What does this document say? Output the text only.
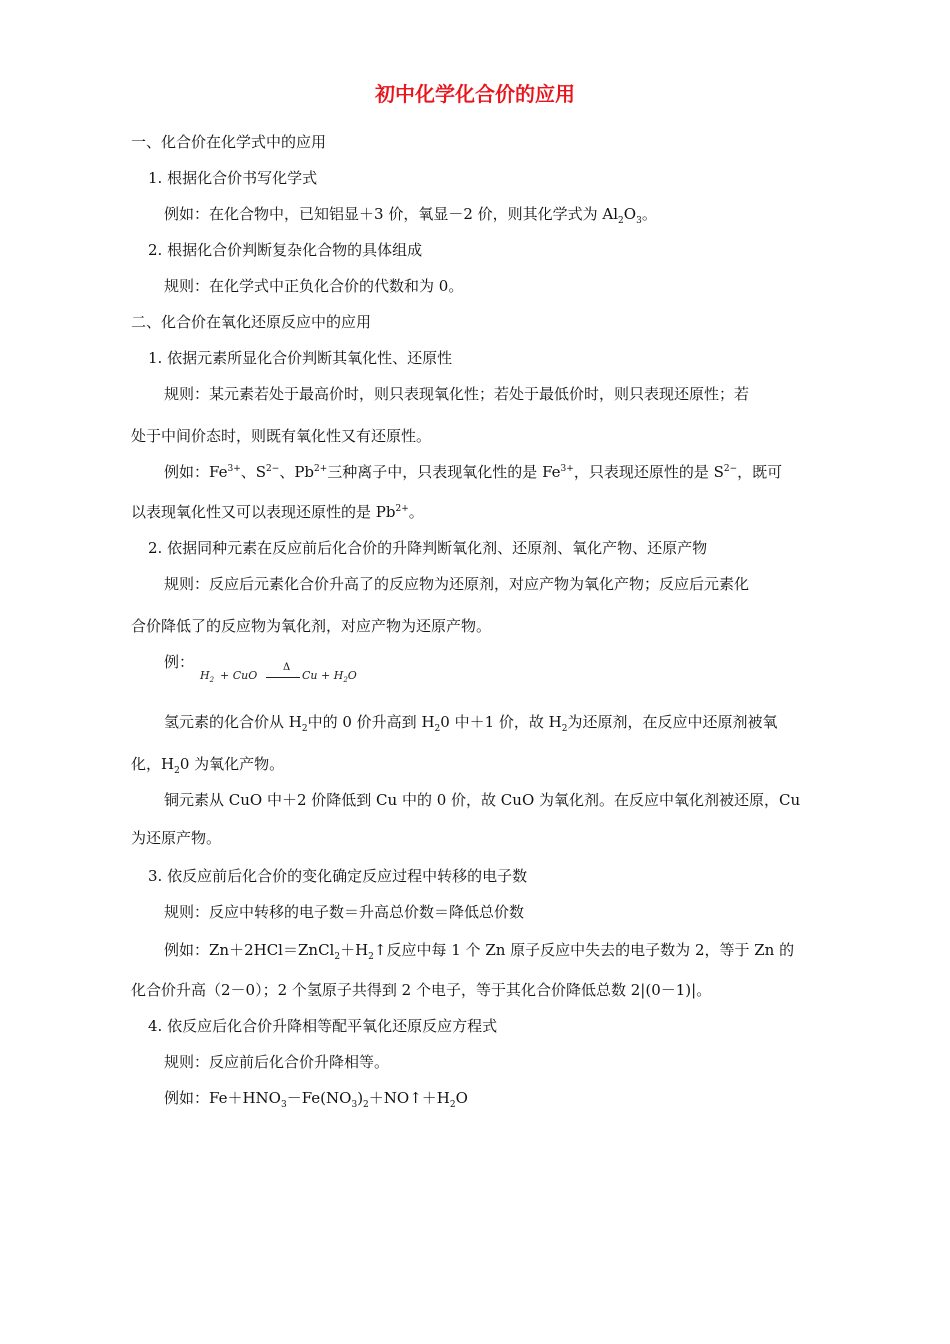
初中化学化合价的应用
一、化合价在化学式中的应用
1. 根据化合价书写化学式
例如：在化合物中，已知铝显＋3 价，氧显－2 价，则其化学式为 $Al_2O_3$。
2. 根据化合价判断复杂化合物的具体组成
规则：在化学式中正负化合价的代数和为 0。
二、化合价在氧化还原反应中的应用
1. 依据元素所显化合价判断其氧化性、还原性
规则：某元素若处于最高价时，则只表现氧化性；若处于最低价时，则只表现还原性；若
处于中间价态时，则既有氧化性又有还原性。
例如：$Fe^{3+}$、$S^{2-}$、$Pb^{2+}$三种离子中，只表现氧化性的是 $Fe^{3+}$，只表现还原性的是 $S^{2-}$，既可
以表现氧化性又可以表现还原性的是 $Pb^{2+}$。
2. 依据同种元素在反应前后化合价的升降判断氧化剂、还原剂、氧化产物、还原产物
规则：反应后元素化合价升高了的反应物为还原剂，对应产物为氧化产物；反应后元素化
合价降低了的反应物为氧化剂，对应产物为还原产物。
例：
$H_2$ + CuO
Δ
$Cu + H_2O$
氢元素的化合价从 $H_2$中的 0 价升高到 $H_20$ 中＋1 价，故 $H_2$为还原剂，在反应中还原剂被氧
化，$H_20$ 为氧化产物。
铜元素从 CuO 中＋2 价降低到 Cu 中的 0 价，故 CuO 为氧化剂。在反应中氧化剂被还原，Cu
为还原产物。
3. 依反应前后化合价的变化确定反应过程中转移的电子数
规则：反应中转移的电子数＝升高总价数＝降低总价数
例如：$Zn+2HCl=ZnCl_2+H_2↑$反应中每 1 个 Zn 原子反应中失去的电子数为 2，等于 Zn 的
化合价升高（2－0）；2 个氢原子共得到 2 个电子，等于其化合价降低总数 2|(0－1)|。
4. 依反应后化合价升降相等配平氧化还原反应方程式
规则：反应前后化合价升降相等。
例如：$Fe+HNO_3-Fe(NO_3)_2+NO↑+H_2O$
